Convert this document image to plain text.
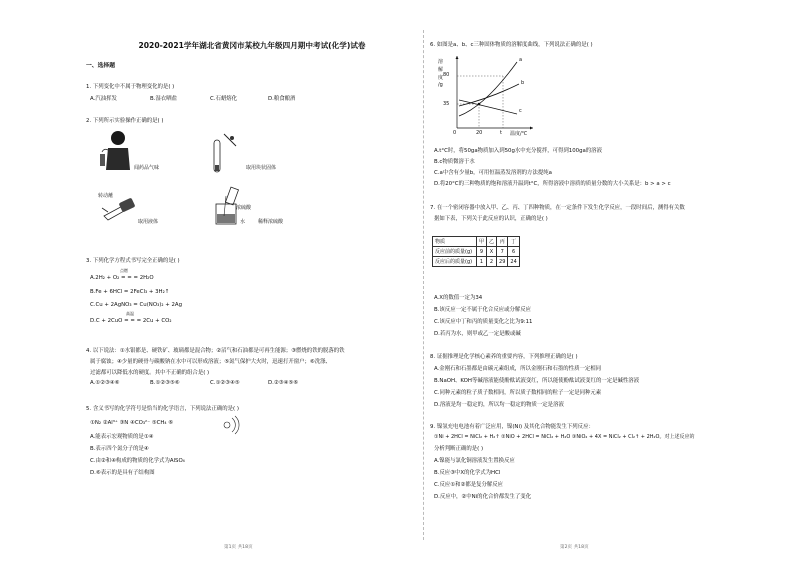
2020-2021学年湖北省黄冈市某校九年级四月期中考试(化学)试卷
一、选择题
1. 下列变化中不属于物理变化的是( )
A.汽油挥发	B.湿衣晒盐	C.石蜡熔化	D.粮食酿酒
2. 下列所示实验操作正确的是( )
闻药品气味	取用块状固体
转动蘸
取用液体
浓硫酸
水	稀释浓硫酸
3. 下列化学方程式书写完全正确的是( )
点燃
A.2H₂ + O₂ = = = 2H₂O
B.Fe + 6HCl = 2FeCl₃ + 3H₂↑
C.Cu + 2AgNO₃ = Cu(NO₃)₂ + 2Ag
高温
D.C + 2CuO = = = 2Cu + CO₂
4. 以下说法：①水银都是、硬铁矿、玻璃都是混合物；②沼气和石油都是可再生能源；③燃烧的铁的脱落的铁
属于腐蚀；④少量的硬骨与碳酸钠在水中可以形成溶液；⑤氮气保护大火时，迅速打开窗户；⑥洗涤、
过滤都可以降低水的硬度。其中不正确的组合是( )
A.①②③④⑥	B.①②③⑤⑥	C.①②③④⑤	D.②③④⑤⑥
5. 含义书写的化学符号是恰当的化学语言，下列说法正确的是( )
①N₂ ②Al³⁺ ③N ④CO₃²⁻ ⑤CH₄ ⑥
A.能表示宏观物质的是①④
B.表示四个氮分子的是④
C.由②和④构成的物质的化学式为AlSO₄
D.⑥表示的是具有子结构图
第1页 共18页
6. 如图是a、b、c三种固体物质的溶解度曲线，下列说法正确的是( )
溶
解
度
/g
80
35
0	20	t 温度/℃
a
b
c
A.t°C时，将50ga物质加入到50g水中充分搅拌，可得到100ga的溶液
B.c物质微溶于水
C.a中含有少量b，可用恒温蒸发溶剂的方法提纯a
D.将20°C的三种物质的饱和溶液升温到t°C，所得溶液中溶质的质量分数的大小关系是：b > a > c
7. 在一个密闭容器中放入甲、乙、丙、丁四种物质，在一定条件下发生化学反应，一段时间后，测得有关数
据如下表，下列关于此反应的认识，正确的是( )
物质	甲	乙	丙	丁
反应前的质量(g)	9	X	7	6
反应后的质量(g)	1	2	29	24
A.X的数值一定为34
B.该反应一定不属于化合反应或分解反应
C.该反应中丁和丙的质量变化之比为9:11
D.若丙为水，则甲或乙一定是酸或碱
8. 证据推理是化学核心素养的重要内容，下列推理正确的是( )
A.金刚石和石墨都是由碳元素组成，所以金刚石和石墨的性质一定相同
B.NaOH、KOH等碱溶液能使酚酞试液变红，所以能使酚酞试液变红的一定是碱性溶液
C.同种元素的粒子质子数相同，所以质子数相同的粒子一定是同种元素
D.溶液是均一稳定的，所以均一稳定的物质一定是溶液
9. 镍氢充电电池有着广泛应用，镍(Ni) 及其化合物能发生下列反应：
①Ni + 2HCl = NiCl₂ + H₂↑ ②NiO + 2HCl = NiCl₂ + H₂O ③NiO₂ + 4X = NiCl₂ + Cl₂↑ + 2H₂O。对上述反应的
分析判断正确的是( )
A.镍能与氯化铜溶液发生置换反应
B.反应③中X的化学式为HCl
C.反应①和②都是复分解反应
D.反应中，②中Ni的化合价都发生了变化
第2页 共18页
